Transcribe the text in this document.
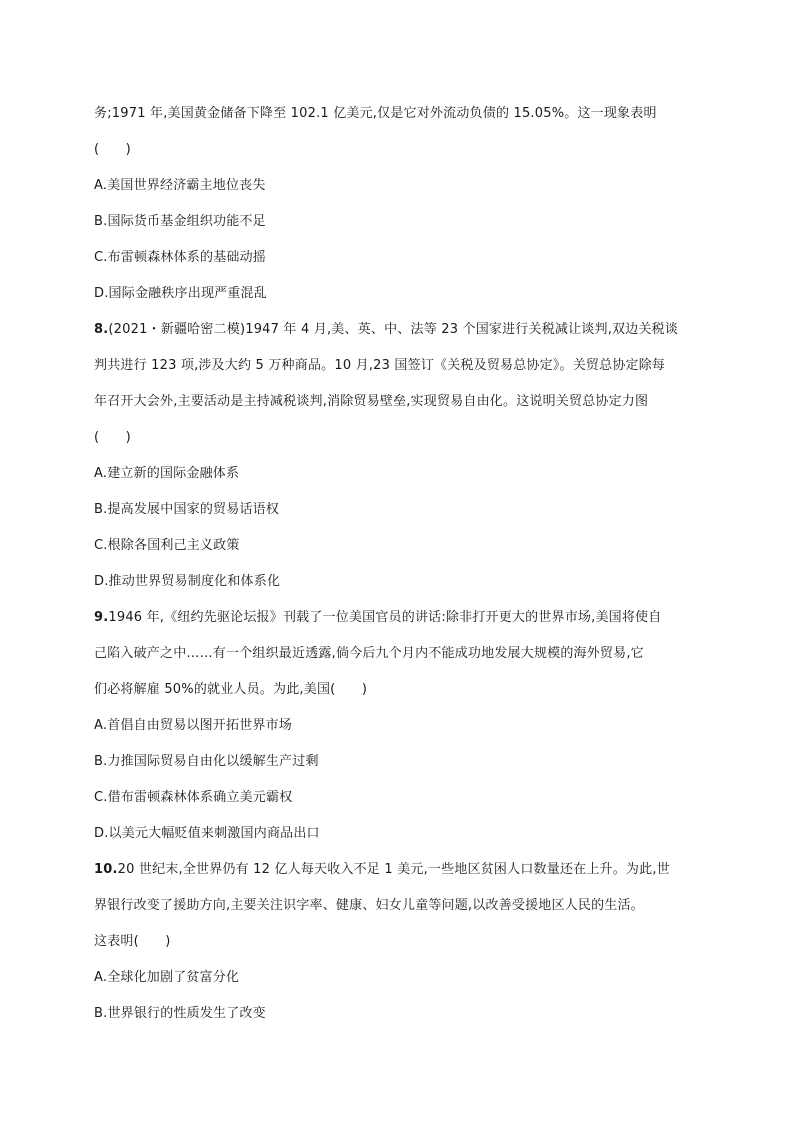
务;1971 年,美国黄金储备下降至 102.1 亿美元,仅是它对外流动负债的 15.05%。这一现象表明
(　　)
A.美国世界经济霸主地位丧失
B.国际货币基金组织功能不足
C.布雷顿森林体系的基础动摇
D.国际金融秩序出现严重混乱
8.(2021・新疆哈密二模)1947 年 4 月,美、英、中、法等 23 个国家进行关税减让谈判,双边关税谈
判共进行 123 项,涉及大约 5 万种商品。10 月,23 国签订《关税及贸易总协定》。关贸总协定除每
年召开大会外,主要活动是主持减税谈判,消除贸易壁垒,实现贸易自由化。这说明关贸总协定力图
(　　)
A.建立新的国际金融体系
B.提高发展中国家的贸易话语权
C.根除各国利己主义政策
D.推动世界贸易制度化和体系化
9.1946 年,《纽约先驱论坛报》刊载了一位美国官员的讲话:除非打开更大的世界市场,美国将使自
己陷入破产之中……有一个组织最近透露,倘今后九个月内不能成功地发展大规模的海外贸易,它
们必将解雇 50%的就业人员。为此,美国(　　)
A.首倡自由贸易以图开拓世界市场
B.力推国际贸易自由化以缓解生产过剩
C.借布雷顿森林体系确立美元霸权
D.以美元大幅贬值来刺激国内商品出口
10.20 世纪末,全世界仍有 12 亿人每天收入不足 1 美元,一些地区贫困人口数量还在上升。为此,世
界银行改变了援助方向,主要关注识字率、健康、妇女儿童等问题,以改善受援地区人民的生活。
这表明(　　)
A.全球化加剧了贫富分化
B.世界银行的性质发生了改变
